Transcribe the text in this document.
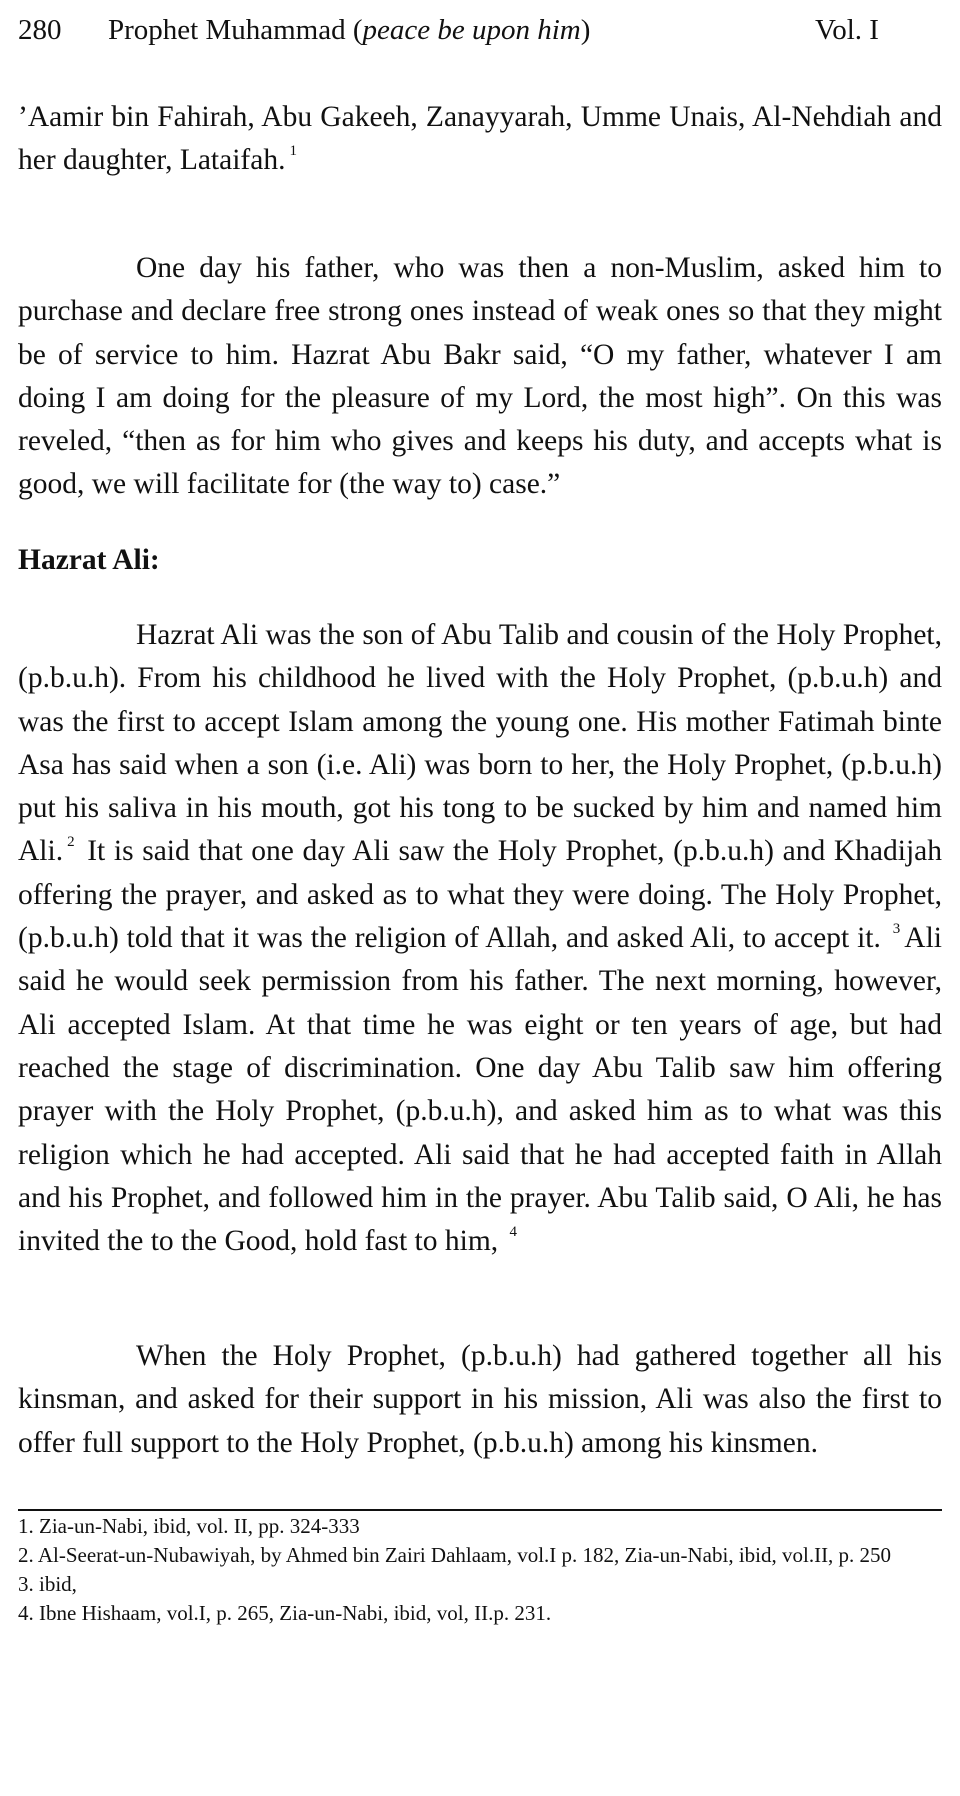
280 Prophet Muhammad (peace be upon him)	Vol. I

’Aamir bin Fahirah, Abu Gakeeh, Zanayyarah, Umme Unais, Al-Nehdiah and her daughter, Lataifah. $^1$

One day his father, who was then a non-Muslim, asked him to purchase and declare free strong ones instead of weak ones so that they might be of service to him. Hazrat Abu Bakr said, “O my father, whatever I am doing I am doing for the pleasure of my Lord, the most high”. On this was reveled, “then as for him who gives and keeps his duty, and accepts what is good, we will facilitate for (the way to) case.”

Hazrat Ali:

Hazrat Ali was the son of Abu Talib and cousin of the Holy Prophet, (p.b.u.h). From his childhood he lived with the Holy Prophet, (p.b.u.h) and was the first to accept Islam among the young one. His mother Fatimah binte Asa has said when a son (i.e. Ali) was born to her, the Holy Prophet, (p.b.u.h) put his saliva in his mouth, got his tong to be sucked by him and named him Ali. $^2$ It is said that one day Ali saw the Holy Prophet, (p.b.u.h) and Khadijah offering the prayer, and asked as to what they were doing. The Holy Prophet, (p.b.u.h) told that it was the religion of Allah, and asked Ali, to accept it. $^3$ Ali said he would seek permission from his father. The next morning, however, Ali accepted Islam. At that time he was eight or ten years of age, but had reached the stage of discrimination. One day Abu Talib saw him offering prayer with the Holy Prophet, (p.b.u.h), and asked him as to what was this religion which he had accepted. Ali said that he had accepted faith in Allah and his Prophet, and followed him in the prayer. Abu Talib said, O Ali, he has invited the to the Good, hold fast to him, $^4$

When the Holy Prophet, (p.b.u.h) had gathered together all his kinsman, and asked for their support in his mission, Ali was also the first to offer full support to the Holy Prophet, (p.b.u.h) among his kinsmen.

1. Zia-un-Nabi, ibid, vol. II, pp. 324-333
2. Al-Seerat-un-Nubawiyah, by Ahmed bin Zairi Dahlaam, vol.I p. 182, Zia-un-Nabi, ibid, vol.II, p. 250
3. ibid,
4. Ibne Hishaam, vol.I, p. 265, Zia-un-Nabi, ibid, vol, II.p. 231.
